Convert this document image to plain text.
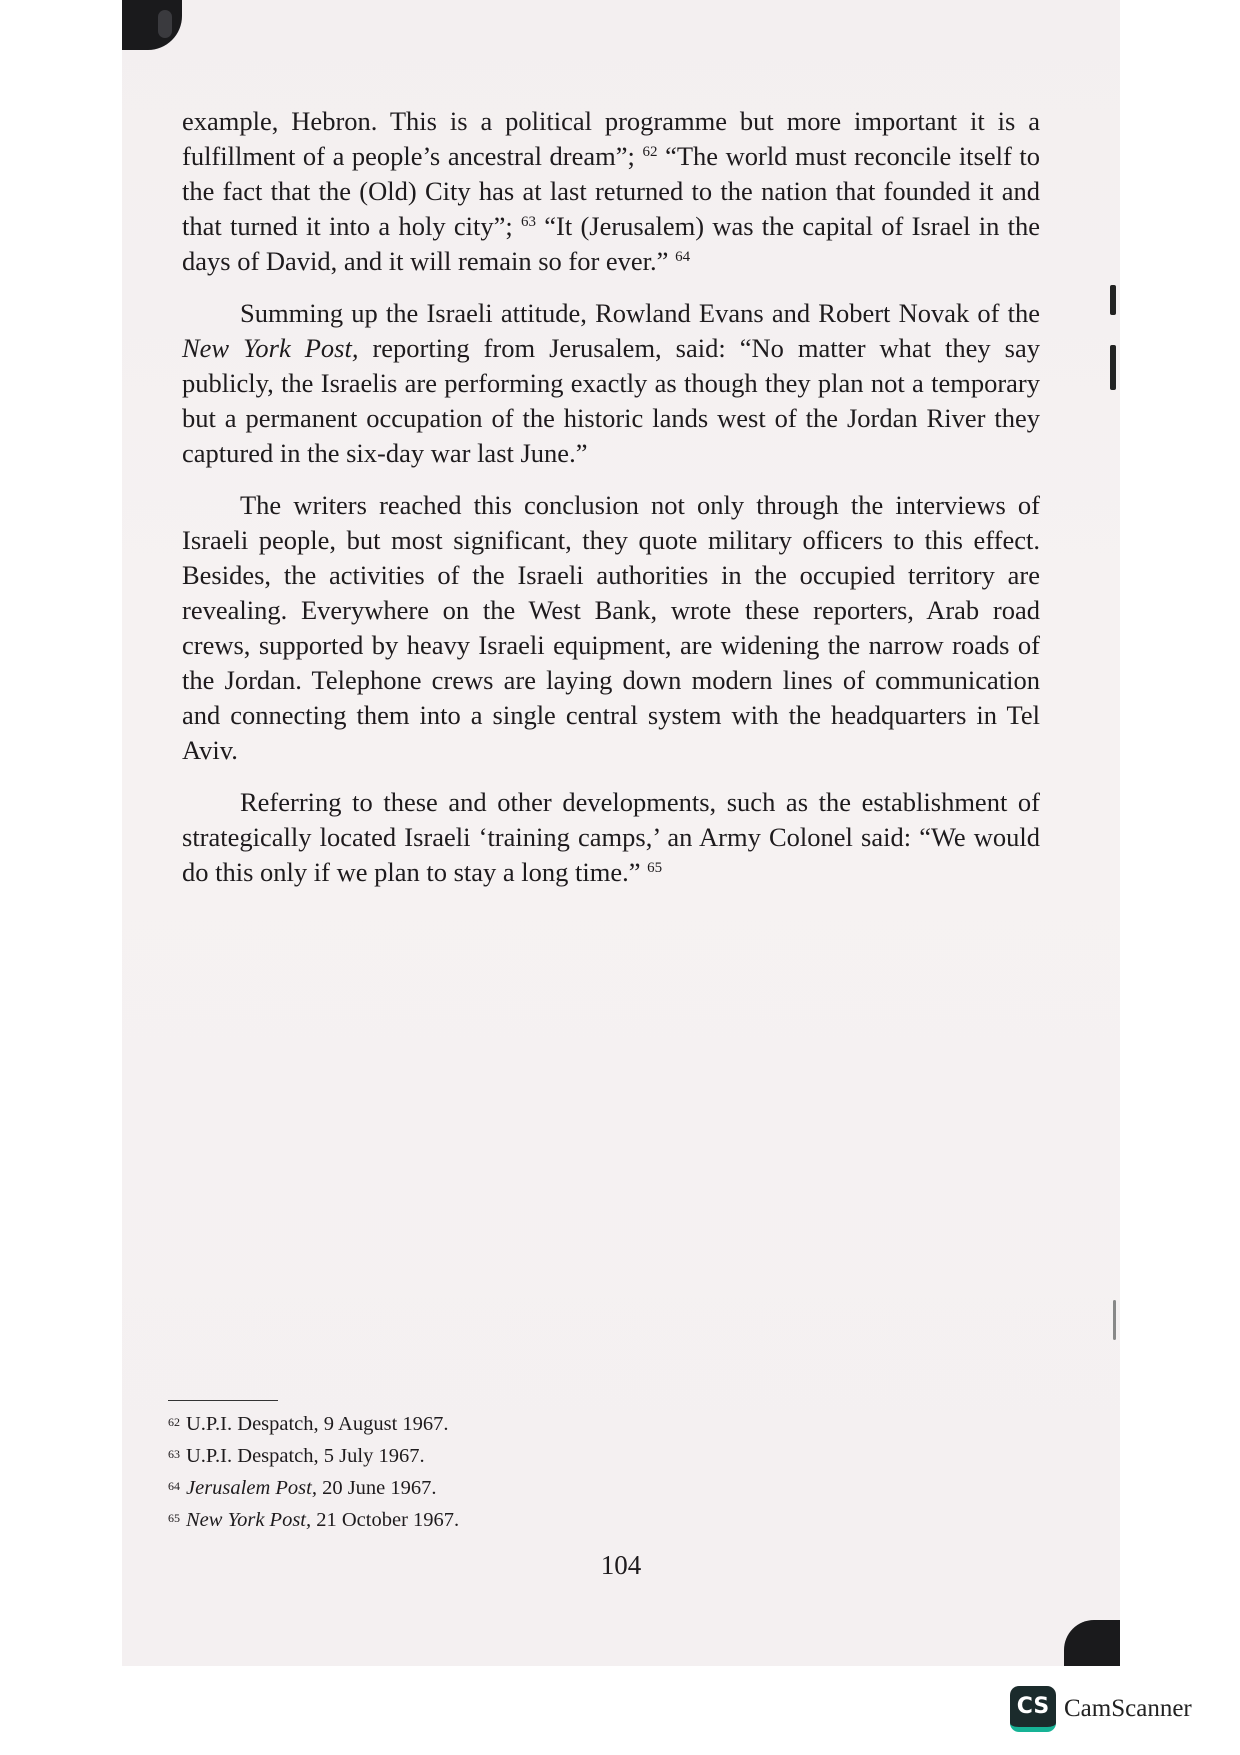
example, Hebron. This is a political programme but more important it is a fulfillment of a people’s ancestral dream”; $^{62}$ “The world must reconcile itself to the fact that the (Old) City has at last returned to the nation that founded it and that turned it into a holy city”; $^{63}$ “It (Jerusalem) was the capital of Israel in the days of David, and it will remain so for ever.” $^{64}$

Summing up the Israeli attitude, Rowland Evans and Robert Novak of the New York Post, reporting from Jerusalem, said: “No matter what they say publicly, the Israelis are performing exactly as though they plan not a temporary but a permanent occupation of the historic lands west of the Jordan River they captured in the six-day war last June.”

The writers reached this conclusion not only through the interviews of Israeli people, but most significant, they quote military officers to this effect. Besides, the activities of the Israeli authorities in the occupied territory are revealing. Everywhere on the West Bank, wrote these reporters, Arab road crews, supported by heavy Israeli equipment, are widening the narrow roads of the Jordan. Telephone crews are laying down modern lines of communication and connecting them into a single central system with the headquarters in Tel Aviv.

Referring to these and other developments, such as the establishment of strategically located Israeli ‘training camps,’ an Army Colonel said: “We would do this only if we plan to stay a long time.” $^{65}$

62 U.P.I. Despatch, 9 August 1967.
63 U.P.I. Despatch, 5 July 1967.
64 Jerusalem Post, 20 June 1967.
65 New York Post, 21 October 1967.
104
CS CamScanner
